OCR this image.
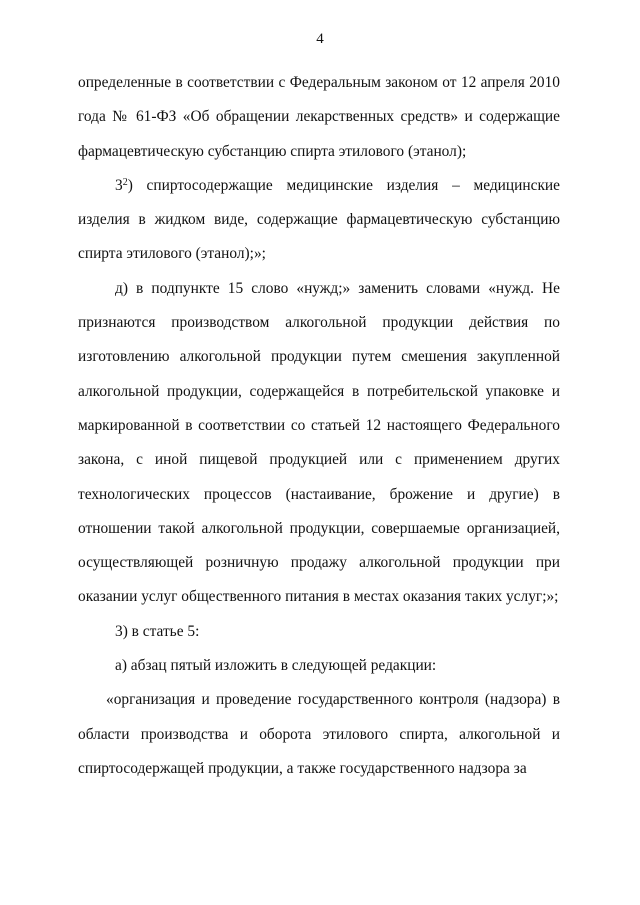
4

определенные в соответствии с Федеральным законом от 12 апреля 2010 года № 61-ФЗ «Об обращении лекарственных средств» и содержащие фармацевтическую субстанцию спирта этилового (этанол);

$3^2$) спиртосодержащие медицинские изделия – медицинские изделия в жидком виде, содержащие фармацевтическую субстанцию спирта этилового (этанол);»;

д) в подпункте 15 слово «нужд;» заменить словами «нужд. Не признаются производством алкогольной продукции действия по изготовлению алкогольной продукции путем смешения закупленной алкогольной продукции, содержащейся в потребительской упаковке и маркированной в соответствии со статьей 12 настоящего Федерального закона, с иной пищевой продукцией или с применением других технологических процессов (настаивание, брожение и другие) в отношении такой алкогольной продукции, совершаемые организацией, осуществляющей розничную продажу алкогольной продукции при оказании услуг общественного питания в местах оказания таких услуг;»;

3) в статье 5:

а) абзац пятый изложить в следующей редакции:

«организация и проведение государственного контроля (надзора) в области производства и оборота этилового спирта, алкогольной и спиртосодержащей продукции, а также государственного надзора за
